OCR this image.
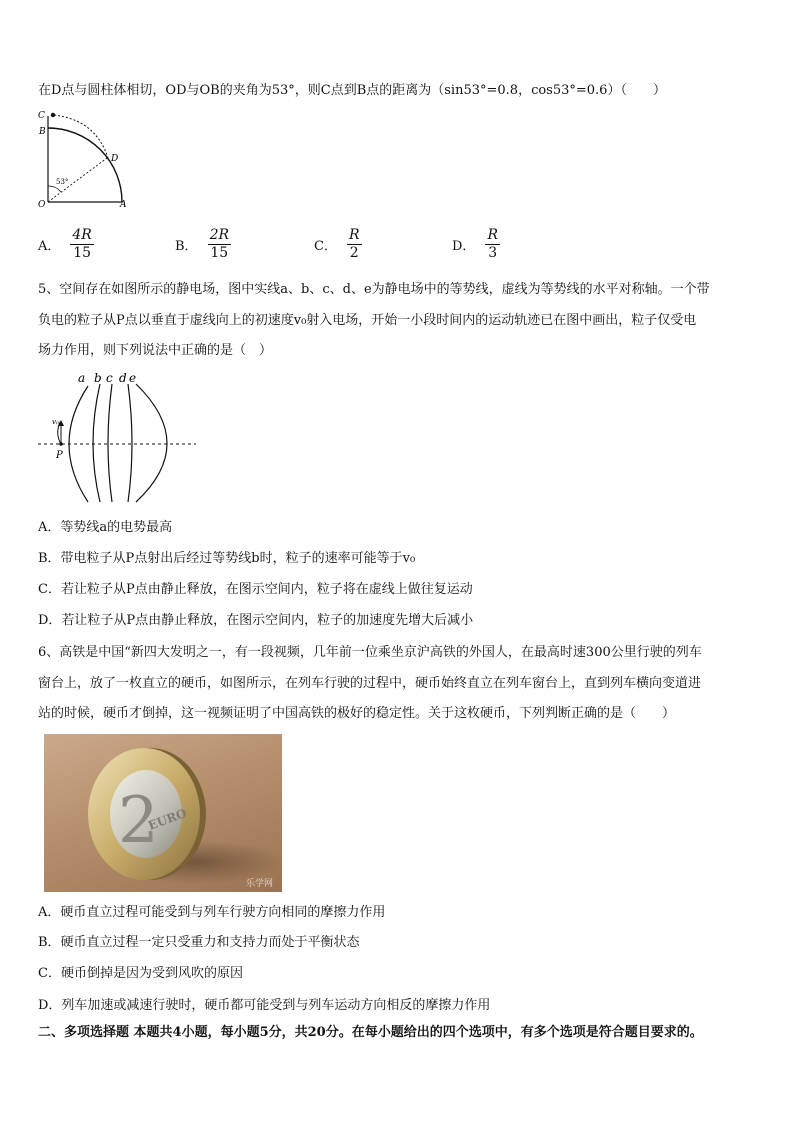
在D点与圆柱体相切，OD与OB的夹角为53°，则C点到B点的距离为（sin53°=0.8，cos53°=0.6）（　　）
C
B
D
O	A
53°
A． $\frac{4R}{15}$	B． $\frac{2R}{15}$	C． $\frac{R}{2}$	D． $\frac{R}{3}$
5、空间存在如图所示的静电场，图中实线a、b、c、d、e为静电场中的等势线，虚线为等势线的水平对称轴。一个带
负电的粒子从P点以垂直于虚线向上的初速度v₀射入电场，开始一小段时间内的运动轨迹已在图中画出，粒子仅受电
场力作用，则下列说法中正确的是（　）
a b c d e
P
v₀
A．等势线a的电势最高
B．带电粒子从P点射出后经过等势线b时，粒子的速率可能等于v₀
C．若让粒子从P点由静止释放，在图示空间内，粒子将在虚线上做往复运动
D．若让粒子从P点由静止释放，在图示空间内，粒子的加速度先增大后减小
6、高铁是中国“新四大发明之一，有一段视频，几年前一位乘坐京沪高铁的外国人，在最高时速300公里行驶的列车
窗台上，放了一枚直立的硬币，如图所示，在列车行驶的过程中，硬币始终直立在列车窗台上，直到列车横向变道进
站的时候，硬币才倒掉，这一视频证明了中国高铁的极好的稳定性。关于这枚硬币，下列判断正确的是（　　）
2
EURO
乐学网
A．硬币直立过程可能受到与列车行驶方向相同的摩擦力作用
B．硬币直立过程一定只受重力和支持力而处于平衡状态
C．硬币倒掉是因为受到风吹的原因
D．列车加速或减速行驶时，硬币都可能受到与列车运动方向相反的摩擦力作用
二、多项选择题 本题共4小题，每小题5分，共20分。在每小题给出的四个选项中，有多个选项是符合题目要求的。
